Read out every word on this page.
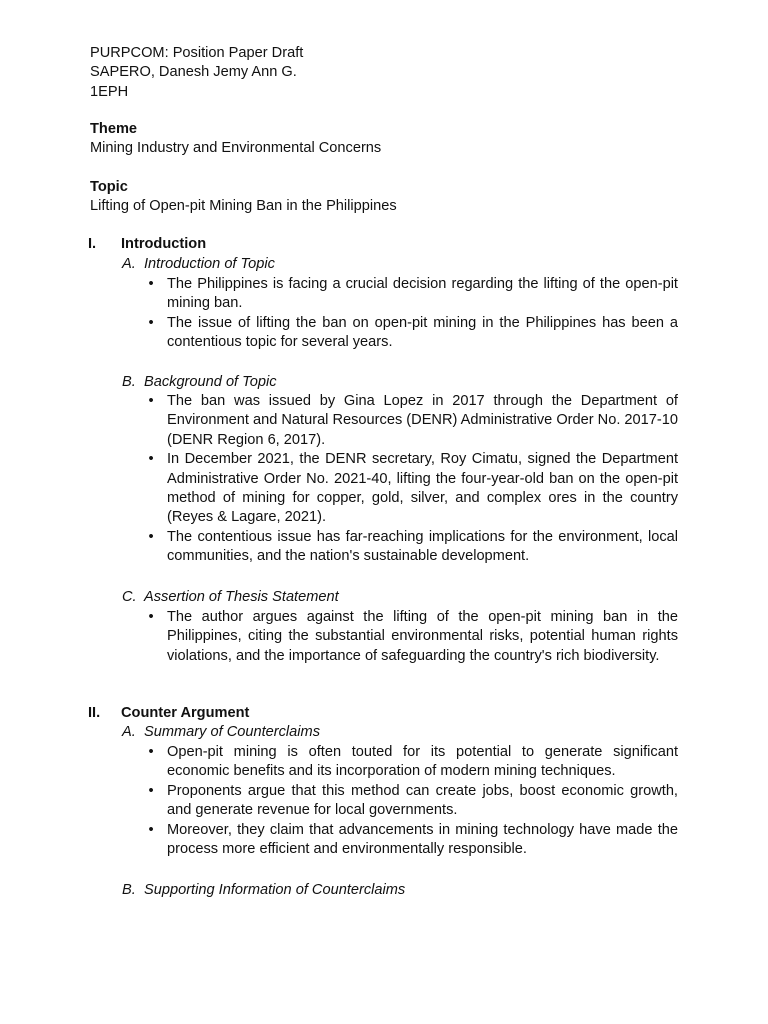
PURPCOM: Position Paper Draft
SAPERO, Danesh Jemy Ann G.
1EPH
Theme
Mining Industry and Environmental Concerns
Topic
Lifting of Open-pit Mining Ban in the Philippines
I. Introduction
A. Introduction of Topic
• The Philippines is facing a crucial decision regarding the lifting of the open-pit mining ban.
• The issue of lifting the ban on open-pit mining in the Philippines has been a contentious topic for several years.
B. Background of Topic
• The ban was issued by Gina Lopez in 2017 through the Department of Environment and Natural Resources (DENR) Administrative Order No. 2017-10 (DENR Region 6, 2017).
• In December 2021, the DENR secretary, Roy Cimatu, signed the Department Administrative Order No. 2021-40, lifting the four-year-old ban on the open-pit method of mining for copper, gold, silver, and complex ores in the country (Reyes & Lagare, 2021).
• The contentious issue has far-reaching implications for the environment, local communities, and the nation's sustainable development.
C. Assertion of Thesis Statement
• The author argues against the lifting of the open-pit mining ban in the Philippines, citing the substantial environmental risks, potential human rights violations, and the importance of safeguarding the country's rich biodiversity.
II. Counter Argument
A. Summary of Counterclaims
• Open-pit mining is often touted for its potential to generate significant economic benefits and its incorporation of modern mining techniques.
• Proponents argue that this method can create jobs, boost economic growth, and generate revenue for local governments.
• Moreover, they claim that advancements in mining technology have made the process more efficient and environmentally responsible.
B. Supporting Information of Counterclaims
